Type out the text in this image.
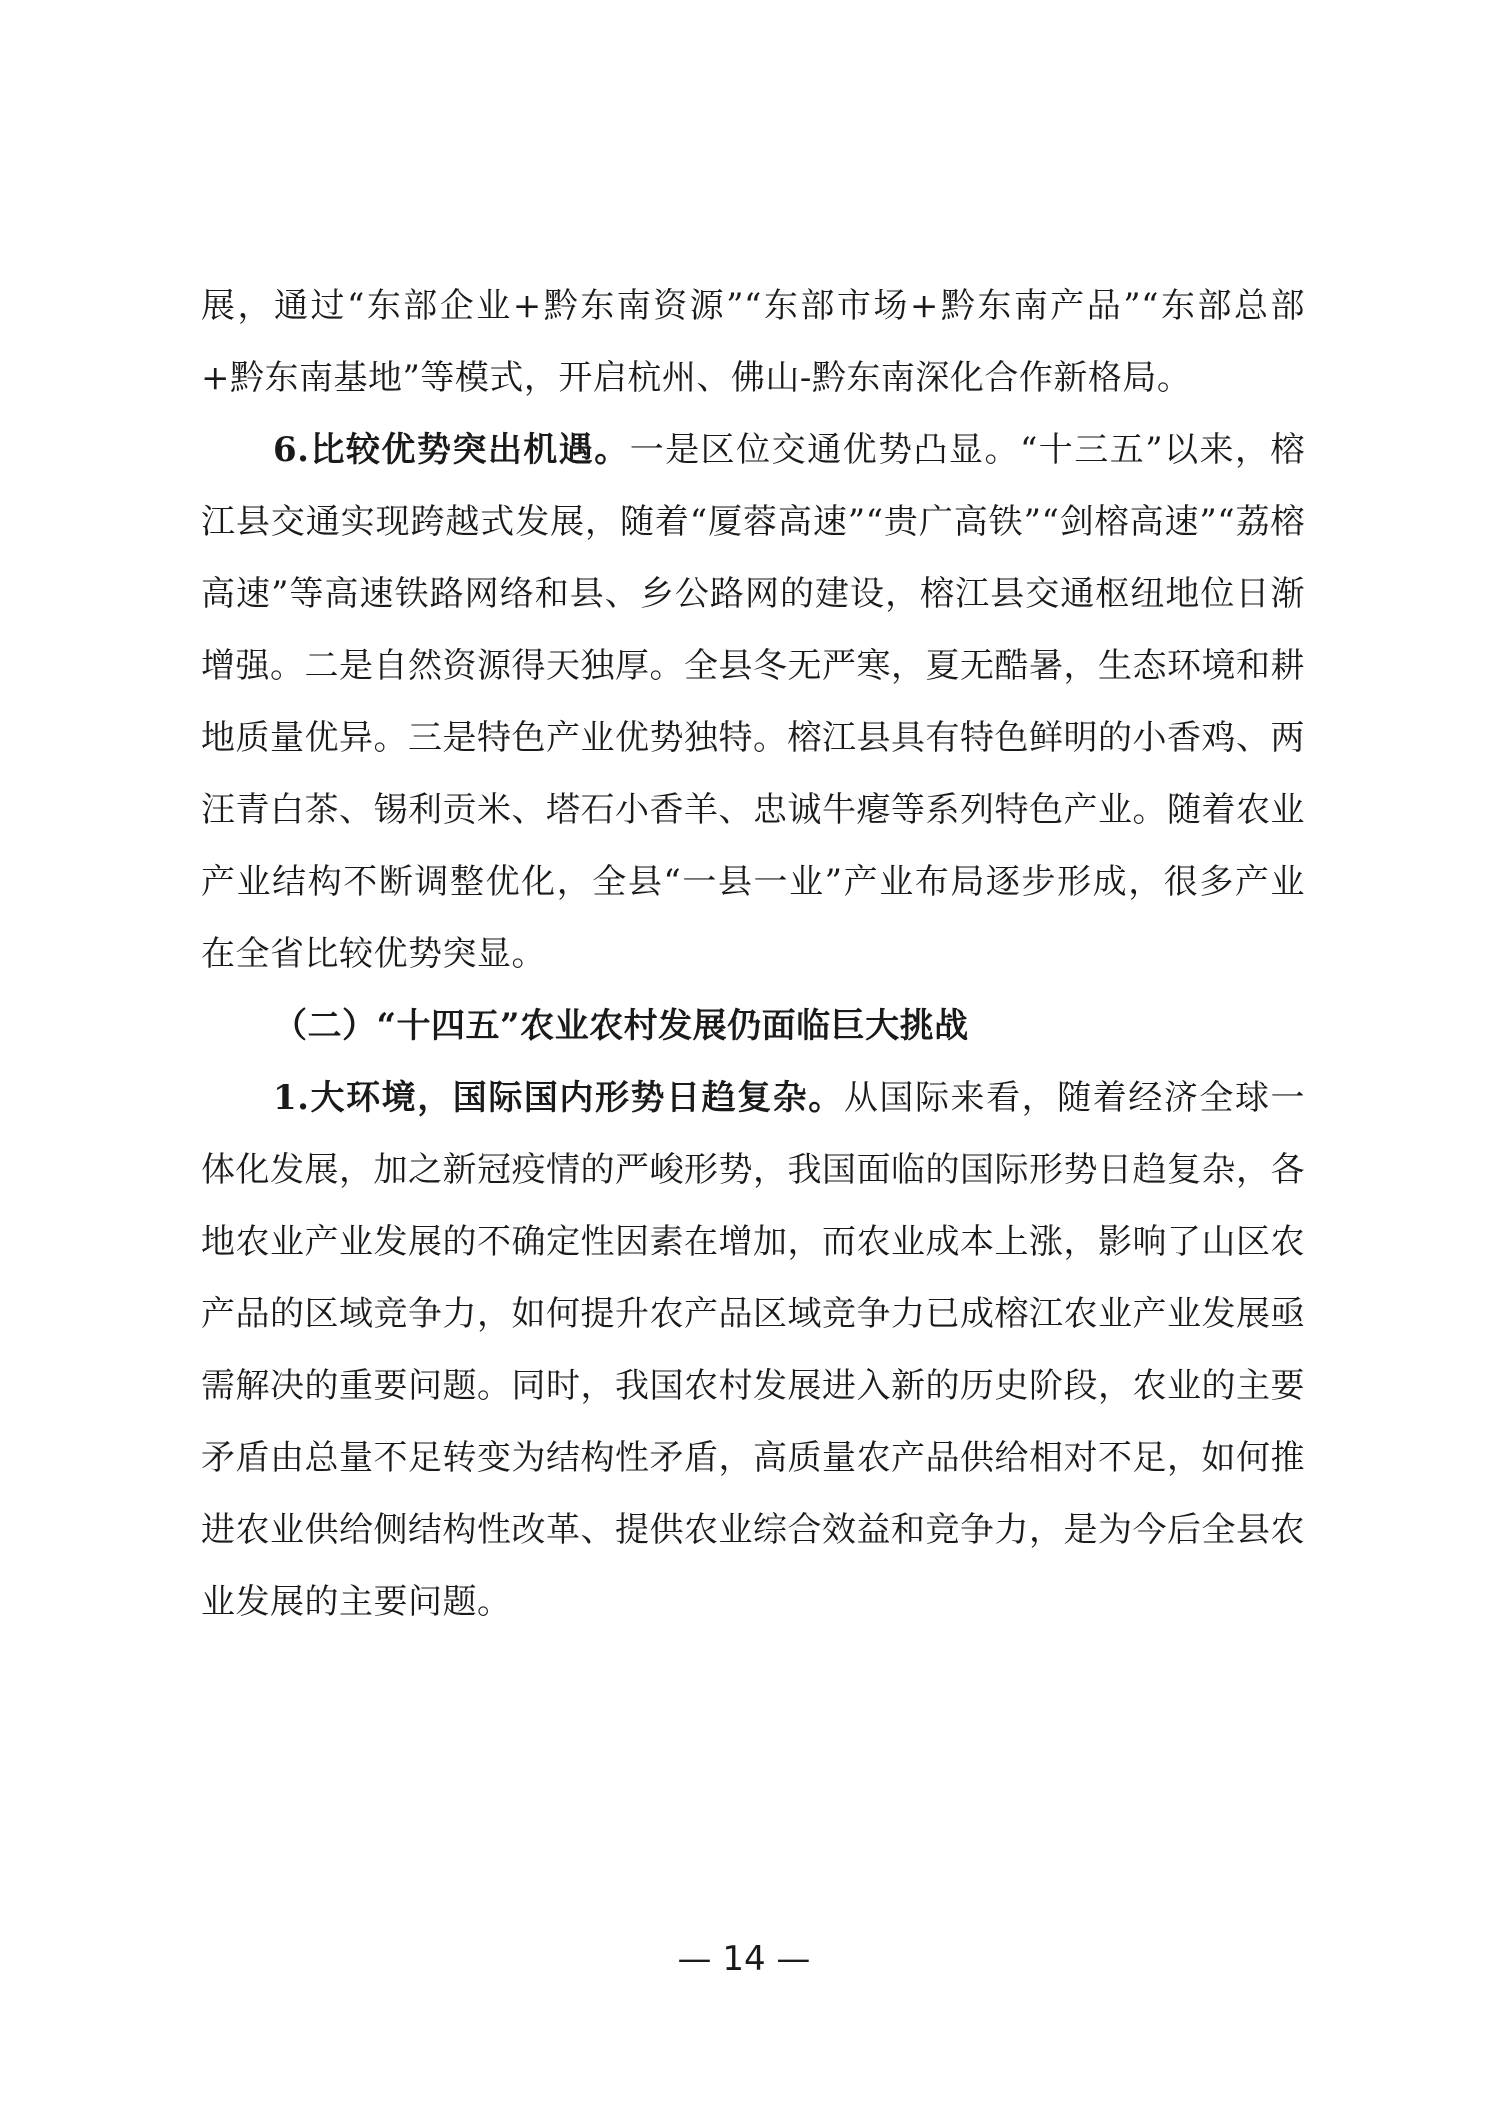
展，通过“东部企业+黔东南资源”“东部市场+黔东南产品”“东部总部+黔东南基地”等模式，开启杭州、佛山-黔东南深化合作新格局。

6.比较优势突出机遇。一是区位交通优势凸显。“十三五”以来，榕江县交通实现跨越式发展，随着“厦蓉高速”“贵广高铁”“剑榕高速”“荔榕高速”等高速铁路网络和县、乡公路网的建设，榕江县交通枢纽地位日渐增强。二是自然资源得天独厚。全县冬无严寒，夏无酷暑，生态环境和耕地质量优异。三是特色产业优势独特。榕江县具有特色鲜明的小香鸡、两汪青白茶、锡利贡米、塔石小香羊、忠诚牛瘪等系列特色产业。随着农业产业结构不断调整优化，全县“一县一业”产业布局逐步形成，很多产业在全省比较优势突显。

（二）“十四五”农业农村发展仍面临巨大挑战

1.大环境，国际国内形势日趋复杂。从国际来看，随着经济全球一体化发展，加之新冠疫情的严峻形势，我国面临的国际形势日趋复杂，各地农业产业发展的不确定性因素在增加，而农业成本上涨，影响了山区农产品的区域竞争力，如何提升农产品区域竞争力已成榕江农业产业发展亟需解决的重要问题。同时，我国农村发展进入新的历史阶段，农业的主要矛盾由总量不足转变为结构性矛盾，高质量农产品供给相对不足，如何推进农业供给侧结构性改革、提供农业综合效益和竞争力，是为今后全县农业发展的主要问题。

— 14 —
